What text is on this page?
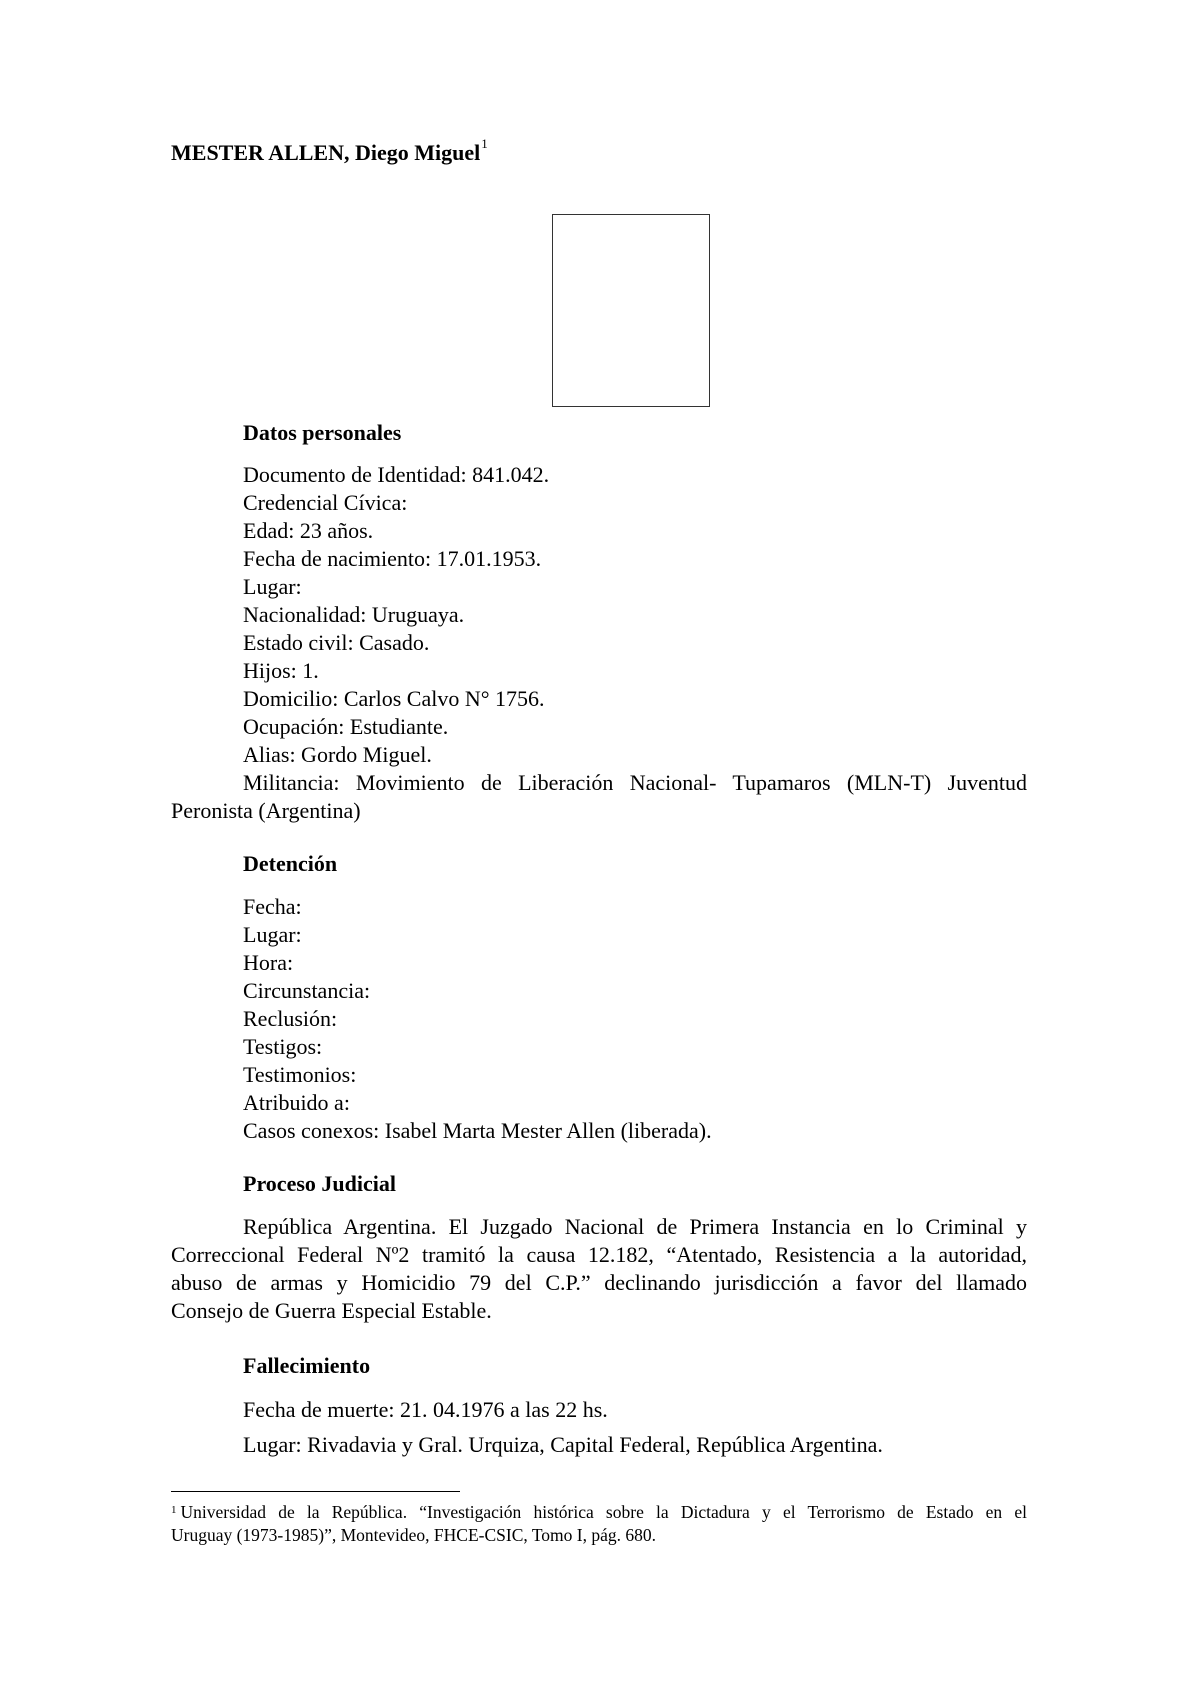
MESTER ALLEN, Diego Miguel$^1$
Datos personales
Documento de Identidad: 841.042.
Credencial Cívica:
Edad: 23 años.
Fecha de nacimiento: 17.01.1953.
Lugar:
Nacionalidad: Uruguaya.
Estado civil: Casado.
Hijos: 1.
Domicilio: Carlos Calvo N° 1756.
Ocupación: Estudiante.
Alias: Gordo Miguel.
Militancia: Movimiento de Liberación Nacional- Tupamaros (MLN-T) Juventud
Peronista (Argentina)
Detención
Fecha:
Lugar:
Hora:
Circunstancia:
Reclusión:
Testigos:
Testimonios:
Atribuido a:
Casos conexos: Isabel Marta Mester Allen (liberada).
Proceso Judicial
República Argentina. El Juzgado Nacional de Primera Instancia en lo Criminal y
Correccional Federal Nº2 tramitó la causa 12.182, “Atentado, Resistencia a la autoridad,
abuso de armas y Homicidio 79 del C.P.” declinando jurisdicción a favor del llamado
Consejo de Guerra Especial Estable.
Fallecimiento
Fecha de muerte: 21. 04.1976 a las 22 hs.
Lugar: Rivadavia y Gral. Urquiza, Capital Federal, República Argentina.
$^1$ Universidad de la República. “Investigación histórica sobre la Dictadura y el Terrorismo de Estado en el
Uruguay (1973-1985)”, Montevideo, FHCE-CSIC, Tomo I, pág. 680.
